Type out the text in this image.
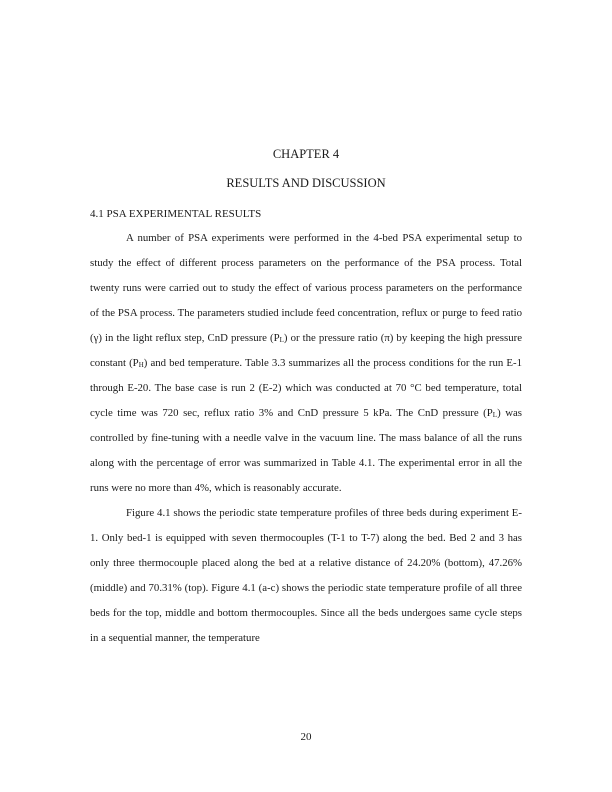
CHAPTER 4
RESULTS AND DISCUSSION
4.1 PSA EXPERIMENTAL RESULTS

A number of PSA experiments were performed in the 4-bed PSA experimental setup to study the effect of different process parameters on the performance of the PSA process. Total twenty runs were carried out to study the effect of various process parameters on the performance of the PSA process. The parameters studied include feed concentration, reflux or purge to feed ratio (γ) in the light reflux step, CnD pressure $(P_L)$ or the pressure ratio (π) by keeping the high pressure constant $(P_H)$ and bed temperature. Table 3.3 summarizes all the process conditions for the run E-1 through E-20. The base case is run 2 (E-2) which was conducted at 70 °C bed temperature, total cycle time was 720 sec, reflux ratio 3% and CnD pressure 5 kPa. The CnD pressure $(P_L)$ was controlled by fine-tuning with a needle valve in the vacuum line. The mass balance of all the runs along with the percentage of error was summarized in Table 4.1. The experimental error in all the runs were no more than 4%, which is reasonably accurate.

Figure 4.1 shows the periodic state temperature profiles of three beds during experiment E-1. Only bed-1 is equipped with seven thermocouples (T-1 to T-7) along the bed. Bed 2 and 3 has only three thermocouple placed along the bed at a relative distance of 24.20% (bottom), 47.26% (middle) and 70.31% (top). Figure 4.1 (a-c) shows the periodic state temperature profile of all three beds for the top, middle and bottom thermocouples. Since all the beds undergoes same cycle steps in a sequential manner, the temperature

20
